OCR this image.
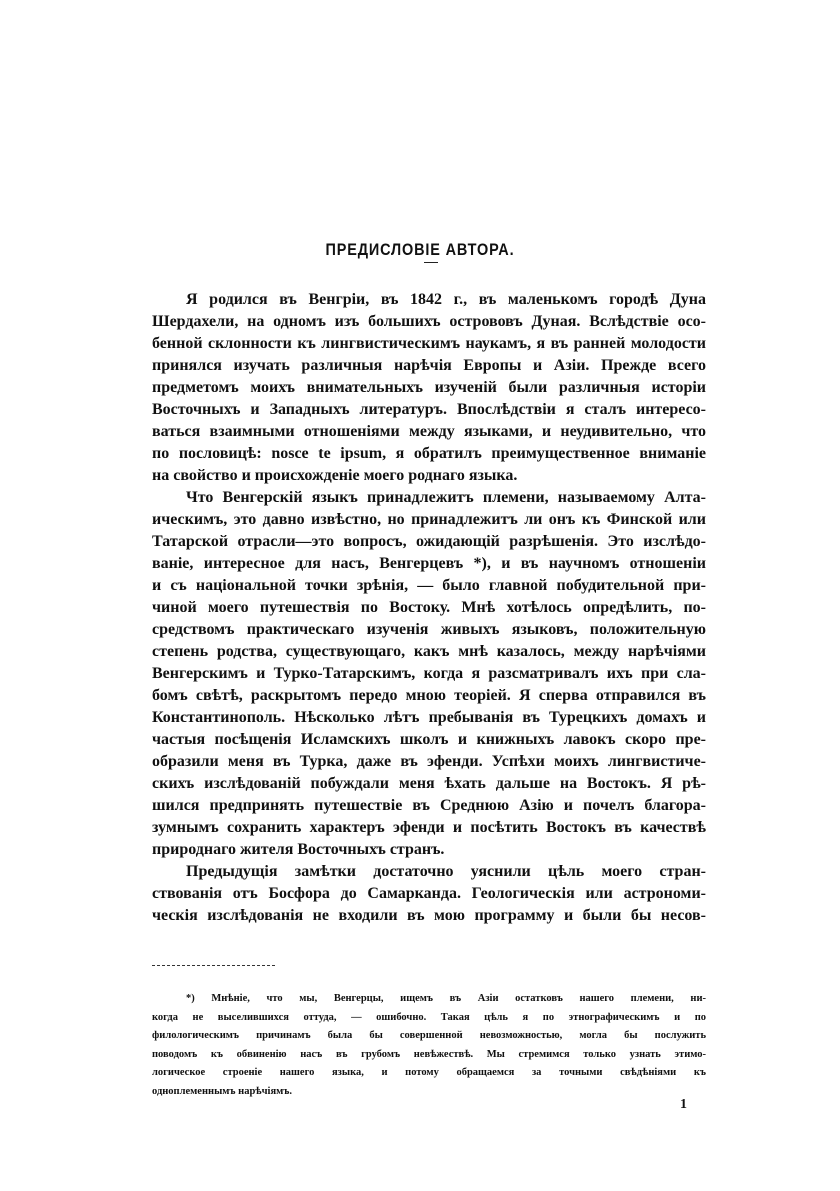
ПРЕДИСЛОВІЕ АВТОРА.
Я родился въ Венгріи, въ 1842 г., въ маленькомъ городѣ Дуна
Шердахели, на одномъ изъ большихъ острововъ Дуная. Вслѣдствіе осо-
бенной склонности къ лингвистическимъ наукамъ, я въ ранней молодости
принялся изучать различныя нарѣчія Европы и Азіи. Прежде всего
предметомъ моихъ внимательныхъ изученій были различныя исторіи
Восточныхъ и Западныхъ литературъ. Впослѣдствіи я сталъ интересо-
ваться взаимными отношеніями между языками, и неудивительно, что
по пословицѣ: nosce te ipsum, я обратилъ преимущественное вниманіе
на свойство и происхожденіе моего роднаго языка.
Что Венгерскій языкъ принадлежитъ племени, называемому Алта-
ическимъ, это давно извѣстно, но принадлежитъ ли онъ къ Финской или
Татарской отрасли—это вопросъ, ожидающій разрѣшенія. Это изслѣдо-
ваніе, интересное для насъ, Венгерцевъ *), и въ научномъ отношеніи
и съ національной точки зрѣнія, — было главной побудительной при-
чиной моего путешествія по Востоку. Мнѣ хотѣлось опредѣлить, по-
средствомъ практическаго изученія живыхъ языковъ, положительную
степень родства, существующаго, какъ мнѣ казалось, между нарѣчіями
Венгерскимъ и Турко-Татарскимъ, когда я разсматривалъ ихъ при сла-
бомъ свѣтѣ, раскрытомъ передо мною теоріей. Я сперва отправился въ
Константинополь. Нѣсколько лѣтъ пребыванія въ Турецкихъ домахъ и
частыя посѣщенія Исламскихъ школъ и книжныхъ лавокъ скоро пре-
образили меня въ Турка, даже въ эфенди. Успѣхи моихъ лингвистиче-
скихъ изслѣдованій побуждали меня ѣхать дальше на Востокъ. Я рѣ-
шился предпринять путешествіе въ Среднюю Азію и почелъ благора-
зумнымъ сохранить характеръ эфенди и посѣтить Востокъ въ качествѣ
природнаго жителя Восточныхъ странъ.
Предыдущія замѣтки достаточно уяснили цѣль моего стран-
ствованія отъ Босфора до Самарканда. Геологическія или астрономи-
ческія изслѣдованія не входили въ мою программу и были бы несов-
*) Мнѣніе, что мы, Венгерцы, ищемъ въ Азіи остатковъ нашего племени, ни-
когда не выселившихся оттуда, — ошибочно. Такая цѣль я по этнографическимъ и по
филологическимъ причинамъ была бы совершенной невозможностью, могла бы послужить
поводомъ къ обвиненію насъ въ грубомъ невѣжествѣ. Мы стремимся только узнать этимо-
логическое строеніе нашего языка, и потому обращаемся за точными свѣдѣніями къ
одноплеменнымъ нарѣчіямъ.
1
